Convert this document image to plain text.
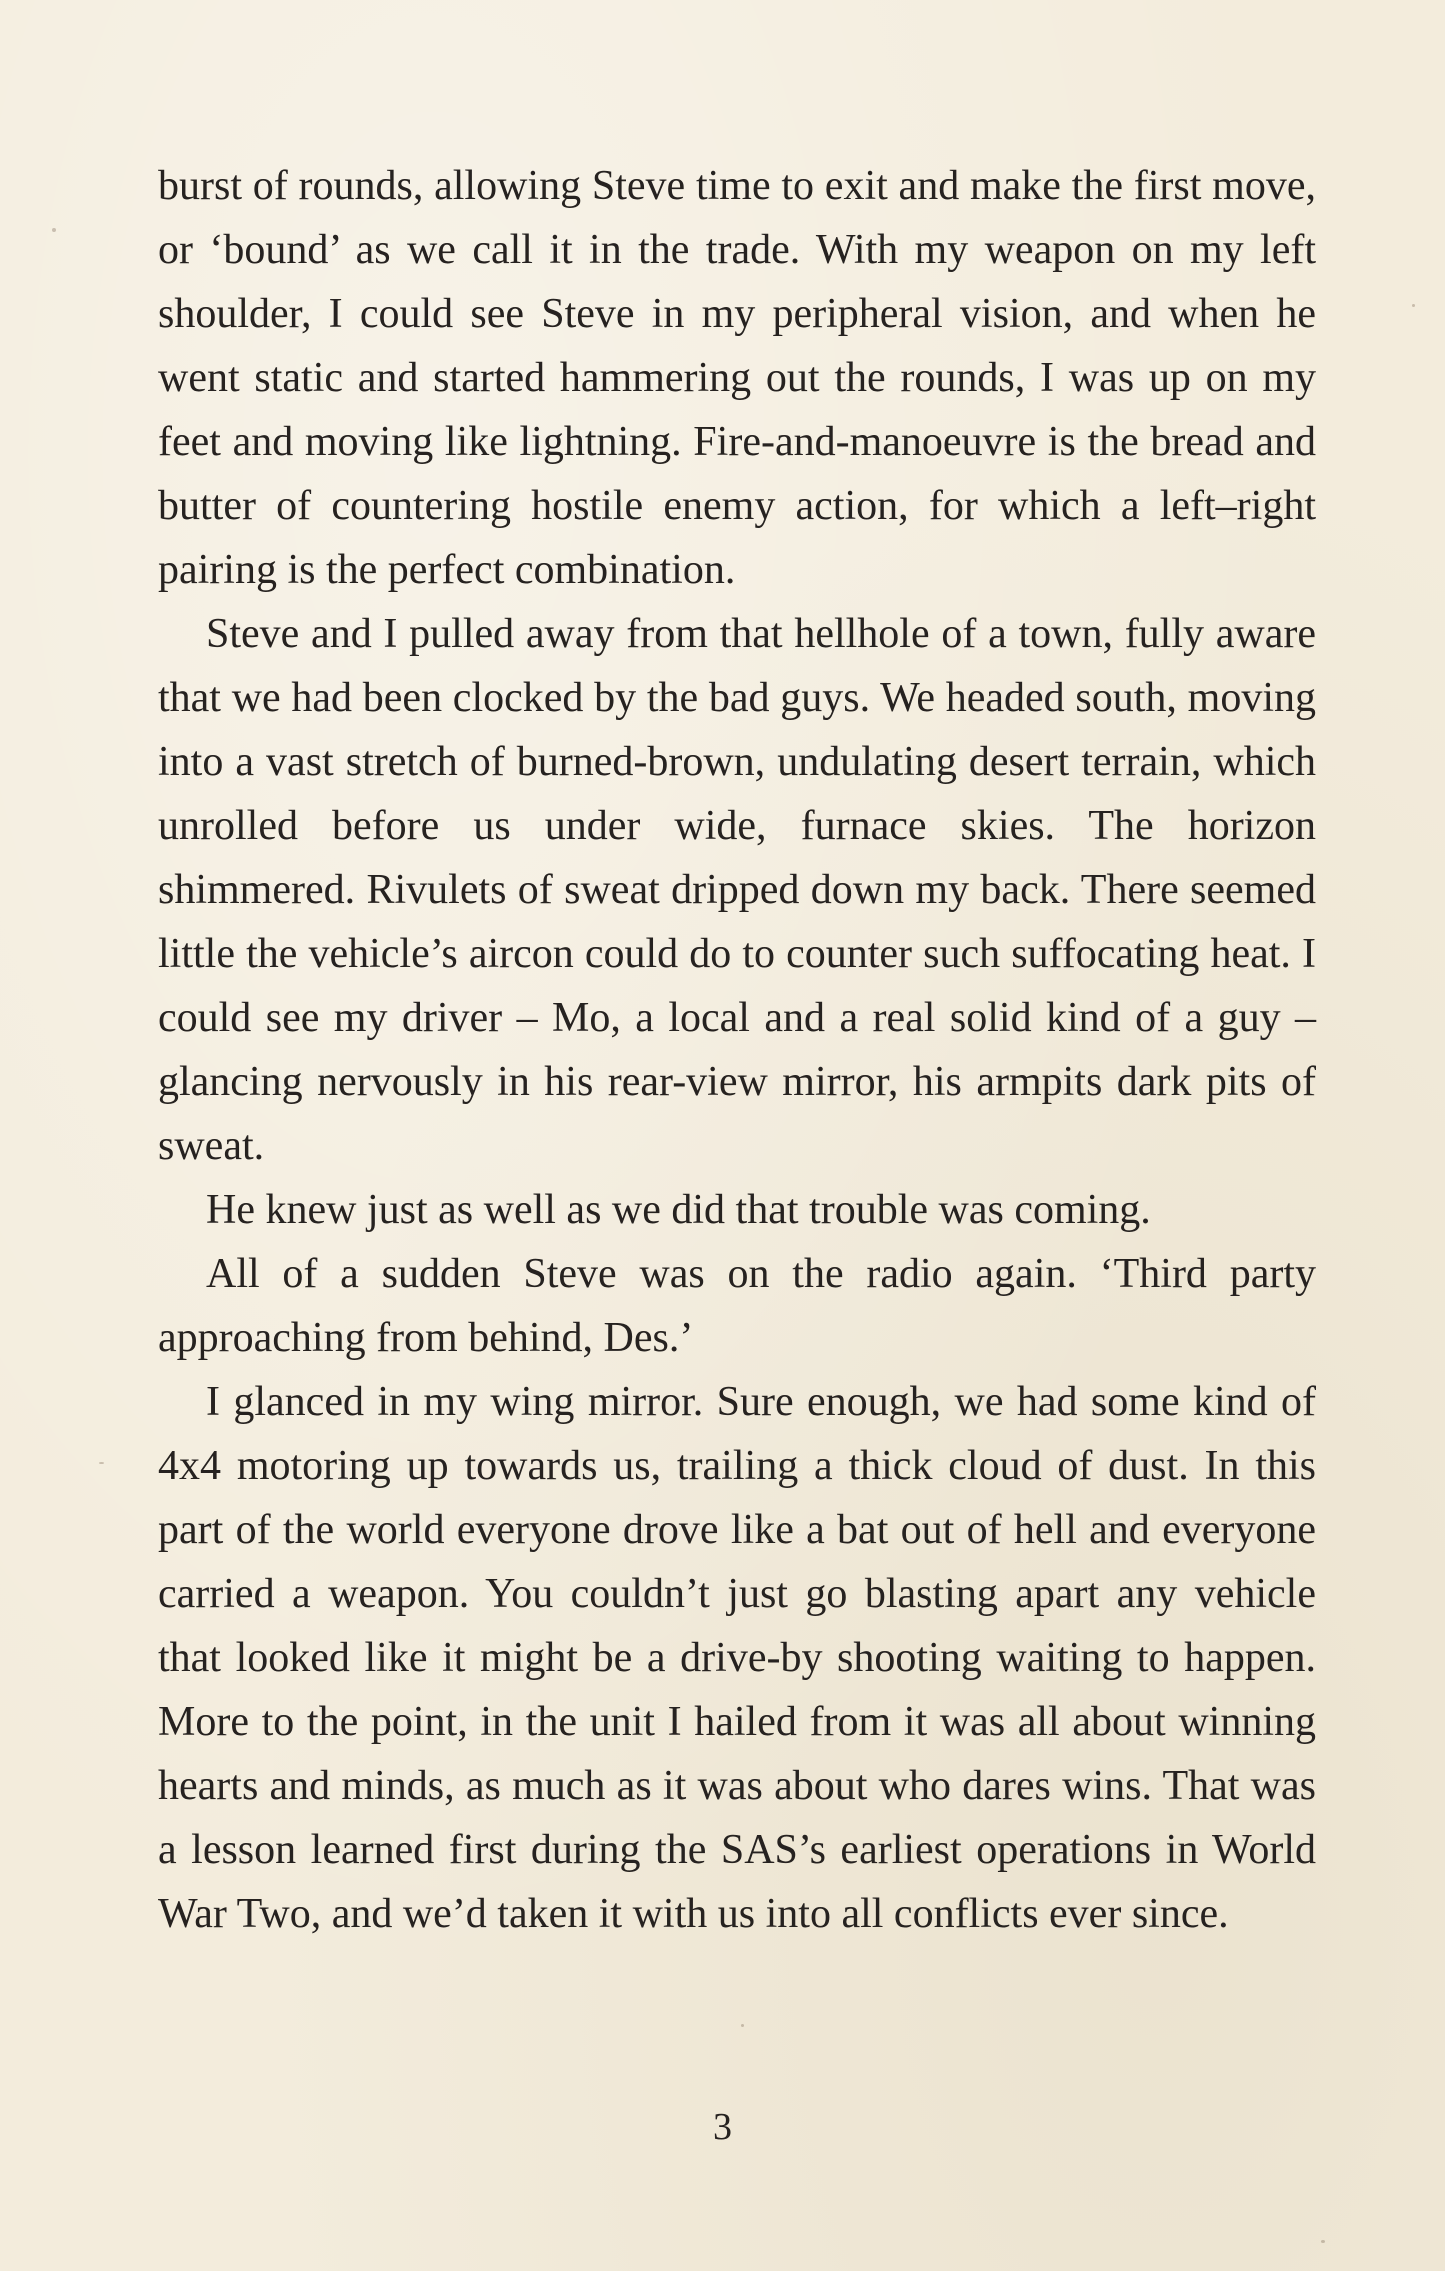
burst of rounds, allowing Steve time to exit and make the first move, or ‘bound’ as we call it in the trade. With my weapon on my left shoulder, I could see Steve in my peripheral vision, and when he went static and started hammering out the rounds, I was up on my feet and moving like lightning. Fire-and-manoeuvre is the bread and butter of countering hostile enemy action, for which a left–right pairing is the perfect combination.

Steve and I pulled away from that hellhole of a town, fully aware that we had been clocked by the bad guys. We headed south, moving into a vast stretch of burned-brown, undulating desert terrain, which unrolled before us under wide, furnace skies. The horizon shimmered. Rivulets of sweat dripped down my back. There seemed little the vehicle’s aircon could do to counter such suffocating heat. I could see my driver – Mo, a local and a real solid kind of a guy – glancing nervously in his rear-view mirror, his armpits dark pits of sweat.

He knew just as well as we did that trouble was coming.

All of a sudden Steve was on the radio again. ‘Third party approaching from behind, Des.’

I glanced in my wing mirror. Sure enough, we had some kind of 4x4 motoring up towards us, trailing a thick cloud of dust. In this part of the world everyone drove like a bat out of hell and everyone carried a weapon. You couldn’t just go blasting apart any vehicle that looked like it might be a drive-by shooting waiting to happen. More to the point, in the unit I hailed from it was all about winning hearts and minds, as much as it was about who dares wins. That was a lesson learned first during the SAS’s earliest operations in World War Two, and we’d taken it with us into all conflicts ever since.

3
